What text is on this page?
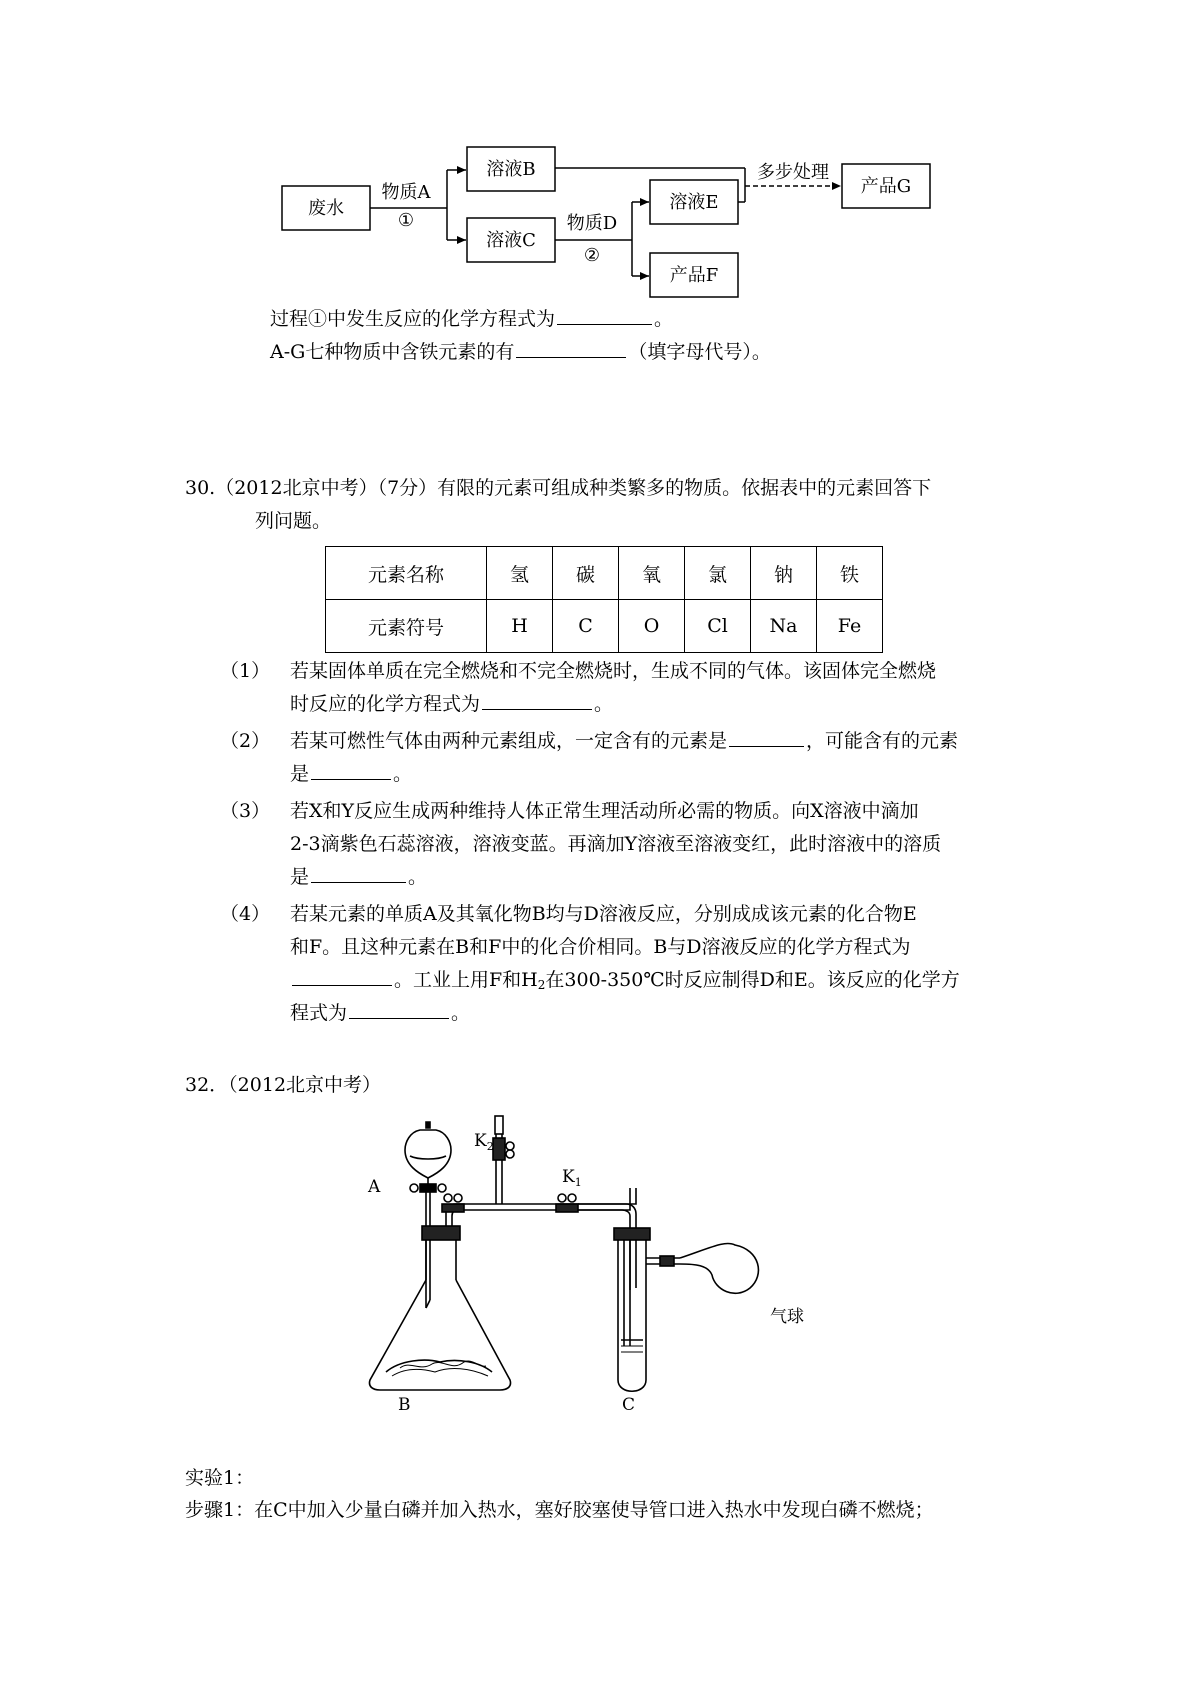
废水
物质A
①
溶液B
溶液C
物质D
②
溶液E
产品F
多步处理
产品G
过程①中发生反应的化学方程式为	。
A-G七种物质中含铁元素的有	（填字母代号）。
30.（2012北京中考）（7分）有限的元素可组成种类繁多的物质。依据表中的元素回答下
列问题。
元素名称	氢	碳	氧	氯	钠	铁
元素符号	H	C	O	Cl	Na	Fe
（1） 若某固体单质在完全燃烧和不完全燃烧时，生成不同的气体。该固体完全燃烧
时反应的化学方程式为	。
（2） 若某可燃性气体由两种元素组成，一定含有的元素是	，可能含有的元素
是	。
（3） 若X和Y反应生成两种维持人体正常生理活动所必需的物质。向X溶液中滴加
2-3滴紫色石蕊溶液，溶液变蓝。再滴加Y溶液至溶液变红，此时溶液中的溶质
是	。
（4） 若某元素的单质A及其氧化物B均与D溶液反应，分别成成该元素的化合物E
和F。且这种元素在B和F中的化合价相同。B与D溶液反应的化学方程式为
。工业上用F和$H_2$在300-350℃时反应制得D和E。该反应的化学方
程式为	。
32．（2012北京中考）
A
B	C
$K_2$
$K_1$
气球
实验1：
步骤1：在C中加入少量白磷并加入热水，塞好胶塞使导管口进入热水中发现白磷不燃烧；
